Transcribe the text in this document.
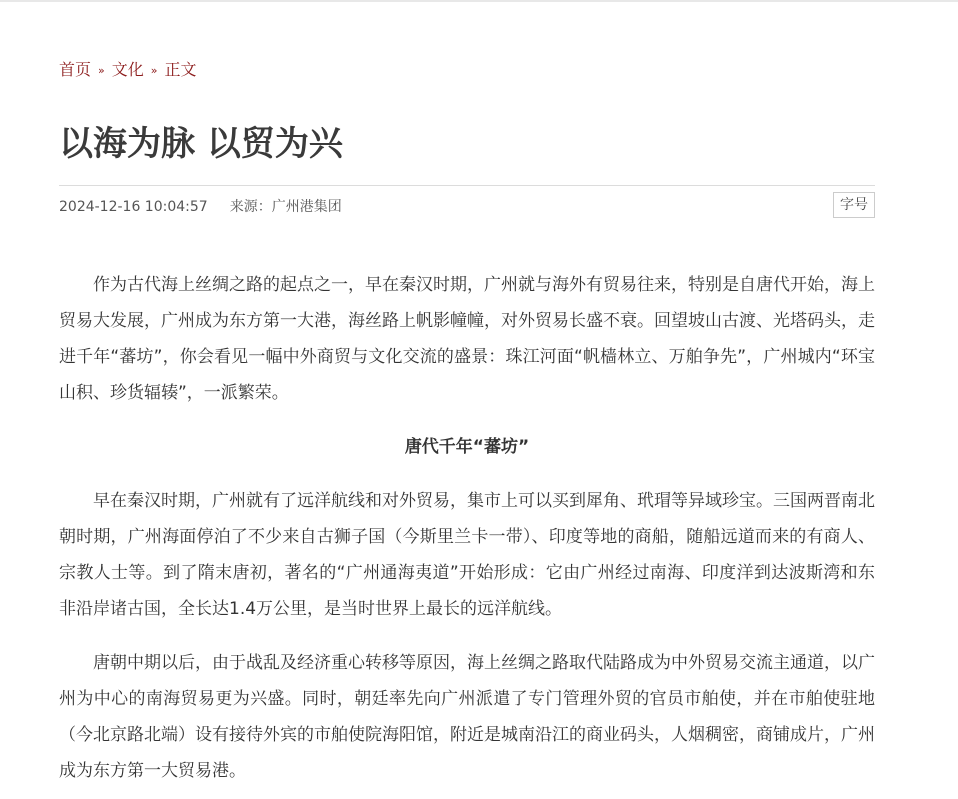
首页 » 文化 » 正文
以海为脉 以贸为兴
2024-12-16 10:04:57 来源：广州港集团	字号

作为古代海上丝绸之路的起点之一，早在秦汉时期，广州就与海外有贸易往来，特别是自唐代开始，海上贸易大发展，广州成为东方第一大港，海丝路上帆影幢幢，对外贸易长盛不衰。回望坡山古渡、光塔码头，走进千年“蕃坊”，你会看见一幅中外商贸与文化交流的盛景：珠江河面“帆樯林立、万舶争先”，广州城内“环宝山积、珍货辐辏”，一派繁荣。

唐代千年“蕃坊”

早在秦汉时期，广州就有了远洋航线和对外贸易，集市上可以买到犀角、玳瑁等异域珍宝。三国两晋南北朝时期，广州海面停泊了不少来自古狮子国（今斯里兰卡一带）、印度等地的商船，随船远道而来的有商人、宗教人士等。到了隋末唐初，著名的“广州通海夷道”开始形成：它由广州经过南海、印度洋到达波斯湾和东非沿岸诸古国，全长达1.4万公里，是当时世界上最长的远洋航线。

唐朝中期以后，由于战乱及经济重心转移等原因，海上丝绸之路取代陆路成为中外贸易交流主通道，以广州为中心的南海贸易更为兴盛。同时，朝廷率先向广州派遣了专门管理外贸的官员市舶使，并在市舶使驻地（今北京路北端）设有接待外宾的市舶使院海阳馆，附近是城南沿江的商业码头，人烟稠密，商铺成片，广州成为东方第一大贸易港。
